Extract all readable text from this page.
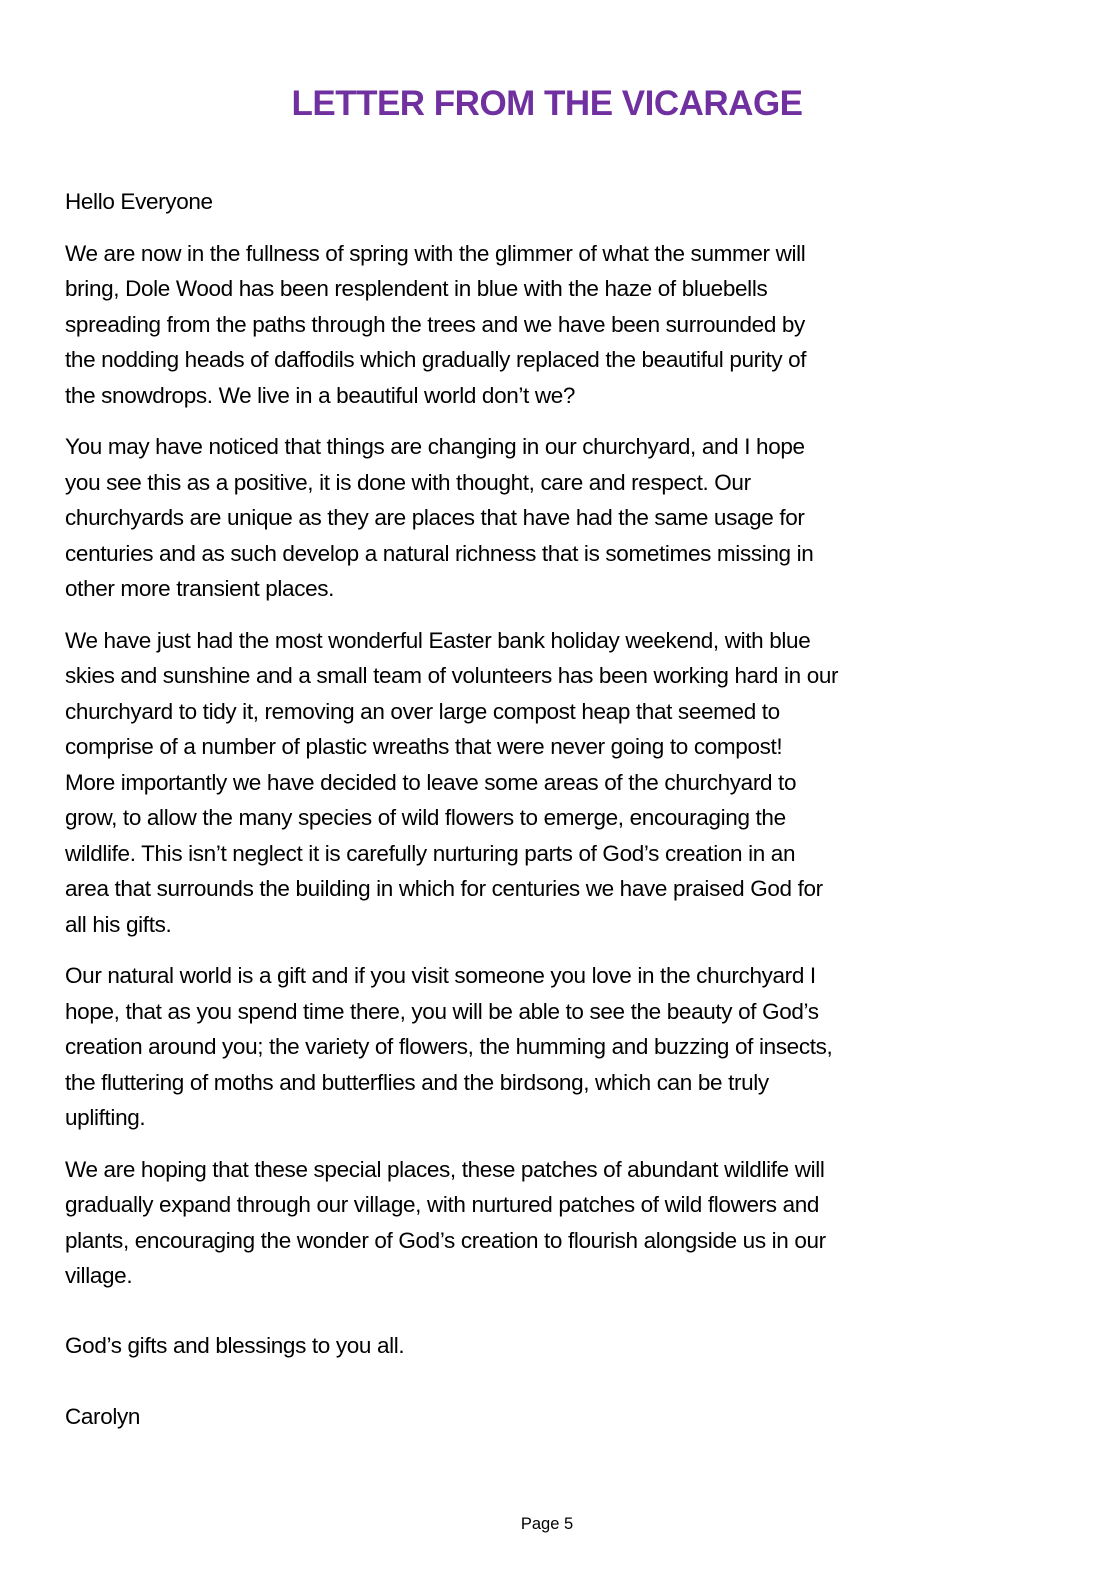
LETTER FROM THE VICARAGE
Hello Everyone
We are now in the fullness of spring with the glimmer of what the summer will
bring, Dole Wood has been resplendent in blue with the haze of bluebells
spreading from the paths through the trees and we have been surrounded by
the nodding heads of daffodils which gradually replaced the beautiful purity of
the snowdrops. We live in a beautiful world don’t we?
You may have noticed that things are changing in our churchyard, and I hope
you see this as a positive, it is done with thought, care and respect. Our
churchyards are unique as they are places that have had the same usage for
centuries and as such develop a natural richness that is sometimes missing in
other more transient places.
We have just had the most wonderful Easter bank holiday weekend, with blue
skies and sunshine and a small team of volunteers has been working hard in our
churchyard to tidy it, removing an over large compost heap that seemed to
comprise of a number of plastic wreaths that were never going to compost!
More importantly we have decided to leave some areas of the churchyard to
grow, to allow the many species of wild flowers to emerge, encouraging the
wildlife. This isn’t neglect it is carefully nurturing parts of God’s creation in an
area that surrounds the building in which for centuries we have praised God for
all his gifts.
Our natural world is a gift and if you visit someone you love in the churchyard I
hope, that as you spend time there, you will be able to see the beauty of God’s
creation around you; the variety of flowers, the humming and buzzing of insects,
the fluttering of moths and butterflies and the birdsong, which can be truly
uplifting.
We are hoping that these special places, these patches of abundant wildlife will
gradually expand through our village, with nurtured patches of wild flowers and
plants, encouraging the wonder of God’s creation to flourish alongside us in our
village.
God’s gifts and blessings to you all.
Carolyn
Page 5
